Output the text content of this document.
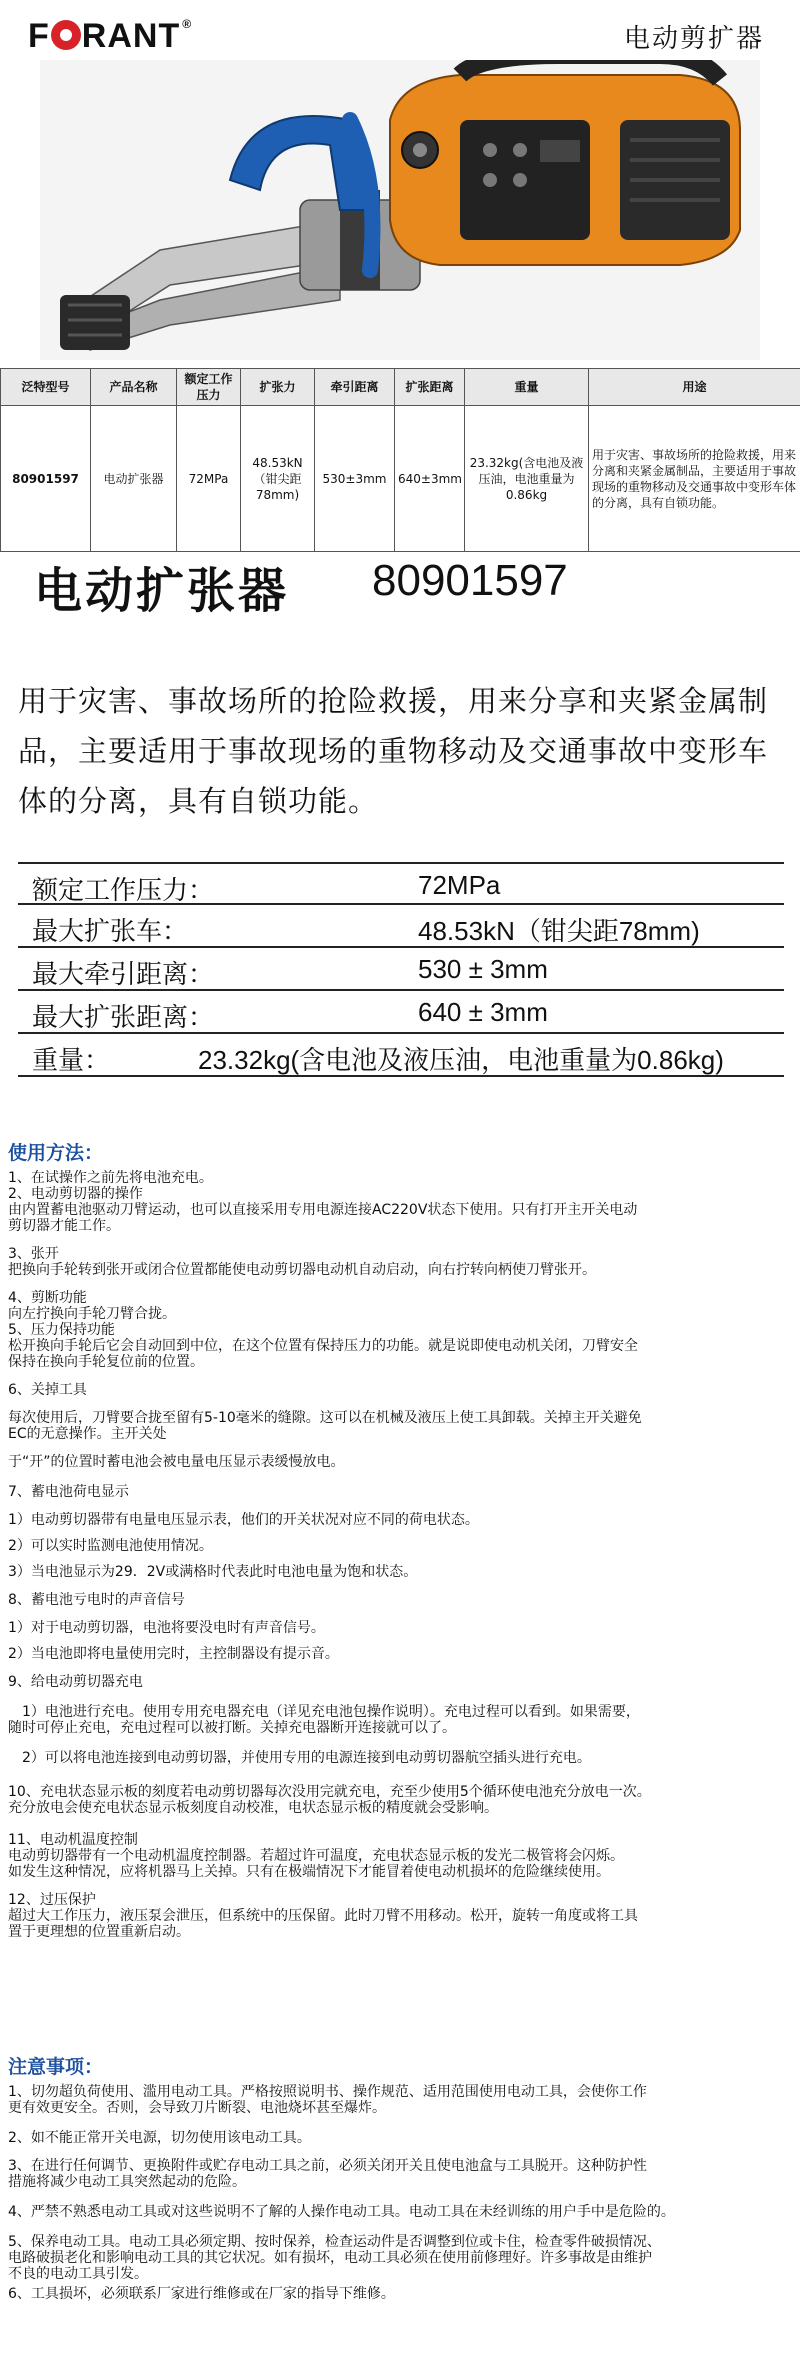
F RANT ®
电动剪扩器
泛特型号	产品名称	额定工作压力	扩张力	牵引距离	扩张距离	重量	用途
80901597	电动扩张器	72MPa	48.53kN（钳尖距78mm)	530±3mm	640±3mm	23.32kg(含电池及液压油，电池重量为0.86kg	用于灾害、事故场所的抢险救援，用来分离和夹紧金属制品，主要适用于事故现场的重物移动及交通事故中变形车体的分离，具有自锁功能。
电动扩张器 80901597
用于灾害、事故场所的抢险救援，用来分享和夹紧金属制品，主要适用于事故现场的重物移动及交通事故中变形车体的分离，具有自锁功能。
额定工作压力：	72MPa
最大扩张车：	48.53kN（钳尖距78mm)
最大牵引距离：	530 ± 3mm
最大扩张距离：	640 ± 3mm
重量：	23.32kg(含电池及液压油，电池重量为0.86kg)
使用方法：
1、在试操作之前先将电池充电。
2、电动剪切器的操作
由内置蓄电池驱动刀臂运动，也可以直接采用专用电源连接AC220V状态下使用。只有打开主开关电动
剪切器才能工作。
3、张开
把换向手轮转到张开或闭合位置都能使电动剪切器电动机自动启动，向右拧转向柄使刀臂张开。
4、剪断功能
向左拧换向手轮刀臂合拢。
5、压力保持功能
松开换向手轮后它会自动回到中位，在这个位置有保持压力的功能。就是说即使电动机关闭，刀臂安全
保持在换向手轮复位前的位置。
6、关掉工具
每次使用后，刀臂要合拢至留有5-10毫米的缝隙。这可以在机械及液压上使工具卸载。关掉主开关避免
EC的无意操作。主开关处
于“开”的位置时蓄电池会被电量电压显示表缓慢放电。
7、蓄电池荷电显示
1）电动剪切器带有电量电压显示表，他们的开关状况对应不同的荷电状态。
2）可以实时监测电池使用情况。
3）当电池显示为29．2V或满格时代表此时电池电量为饱和状态。
8、蓄电池亏电时的声音信号
1）对于电动剪切器，电池将要没电时有声音信号。
2）当电池即将电量使用完时，主控制器设有提示音。
9、给电动剪切器充电
1）电池进行充电。使用专用充电器充电（详见充电池包操作说明）。充电过程可以看到。如果需要，
随时可停止充电，充电过程可以被打断。关掉充电器断开连接就可以了。
2）可以将电池连接到电动剪切器，并使用专用的电源连接到电动剪切器航空插头进行充电。
10、充电状态显示板的刻度若电动剪切器每次没用完就充电，充至少使用5个循环使电池充分放电一次。
充分放电会使充电状态显示板刻度自动校准，电状态显示板的精度就会受影响。
11、电动机温度控制
电动剪切器带有一个电动机温度控制器。若超过许可温度，充电状态显示板的发光二极管将会闪烁。
如发生这种情况，应将机器马上关掉。只有在极端情况下才能冒着使电动机损坏的危险继续使用。
12、过压保护
超过大工作压力，液压泵会泄压，但系统中的压保留。此时刀臂不用移动。松开，旋转一角度或将工具
置于更理想的位置重新启动。
注意事项：
1、切勿超负荷使用、滥用电动工具。严格按照说明书、操作规范、适用范围使用电动工具，会使你工作
更有效更安全。否则，会导致刀片断裂、电池烧坏甚至爆炸。
2、如不能正常开关电源，切勿使用该电动工具。
3、在进行任何调节、更换附件或贮存电动工具之前，必须关闭开关且使电池盒与工具脱开。这种防护性
措施将减少电动工具突然起动的危险。
4、严禁不熟悉电动工具或对这些说明不了解的人操作电动工具。电动工具在未经训练的用户手中是危险的。
5、保养电动工具。电动工具必须定期、按时保养，检查运动件是否调整到位或卡住，检查零件破损情况、
电路破损老化和影响电动工具的其它状况。如有损坏，电动工具必须在使用前修理好。许多事故是由维护
不良的电动工具引发。
6、工具损坏，必须联系厂家进行维修或在厂家的指导下维修。
